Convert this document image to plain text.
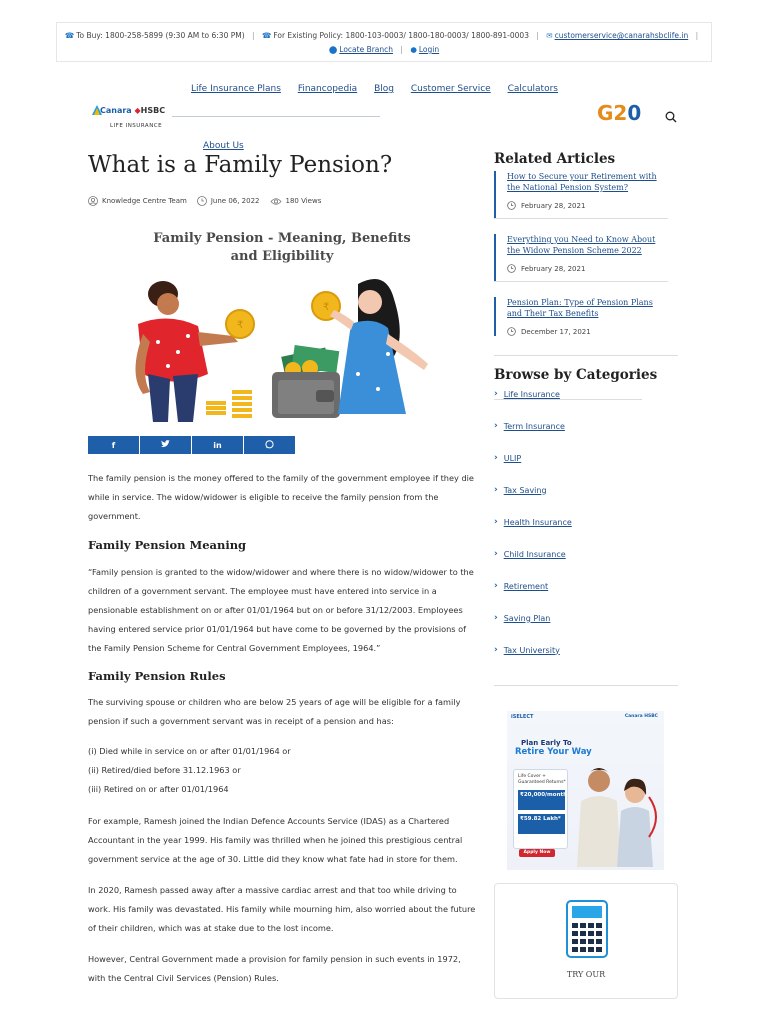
☎ To Buy: 1800-258-5899 (9:30 AM to 6:30 PM) | ☎ For Existing Policy: 1800-103-0003/ 1800-180-0003/ 1800-891-0003 | ✉ customerservice@canarahsbclife.in |
⬤ Locate Branch | ● Login
Life Insurance Plans Financopedia Blog Customer Service Calculators
Canara ◆HSBC
LIFE INSURANCE
G20
About Us
What is a Family Pension?
Knowledge Centre Team	June 06, 2022	180 Views
Family Pension - Meaning, Benefits
and Eligibility
₹
₹
f	in
The family pension is the money offered to the family of the government employee if they die while in service. The widow/widower is eligible to receive the family pension from the government.
Family Pension Meaning
“Family pension is granted to the widow/widower and where there is no widow/widower to the children of a government servant. The employee must have entered into service in a pensionable establishment on or after 01/01/1964 but on or before 31/12/2003. Employees having entered service prior 01/01/1964 but have come to be governed by the provisions of the Family Pension Scheme for Central Government Employees, 1964.”
Family Pension Rules
The surviving spouse or children who are below 25 years of age will be eligible for a family pension if such a government servant was in receipt of a pension and has:
(i) Died while in service on or after 01/01/1964 or
(ii) Retired/died before 31.12.1963 or
(iii) Retired on or after 01/01/1964
For example, Ramesh joined the Indian Defence Accounts Service (IDAS) as a Chartered Accountant in the year 1999. His family was thrilled when he joined this prestigious central government service at the age of 30. Little did they know what fate had in store for them.
In 2020, Ramesh passed away after a massive cardiac arrest and that too while driving to work. His family was devastated. His family while mourning him, also worried about the future of their children, which was at stake due to the lost income.
However, Central Government made a provision for family pension in such events in 1972, with the Central Civil Services (Pension) Rules.
Related Articles
How to Secure your Retirement with the National Pension System?
February 28, 2021
Everything you Need to Know About the Widow Pension Scheme 2022
February 28, 2021
Pension Plan: Type of Pension Plans and Their Tax Benefits
December 17, 2021
Browse by Categories
› Life Insurance
› Term Insurance
› ULIP
› Tax Saving
› Health Insurance
› Child Insurance
› Retirement
› Saving Plan
› Tax University
iSELECT	Canara HSBC
Plan Early To
Retire Your Way
Life Cover + Guaranteed Returns*
₹20,000/month
₹59.82 Lakh*
Apply Now
TRY OUR
